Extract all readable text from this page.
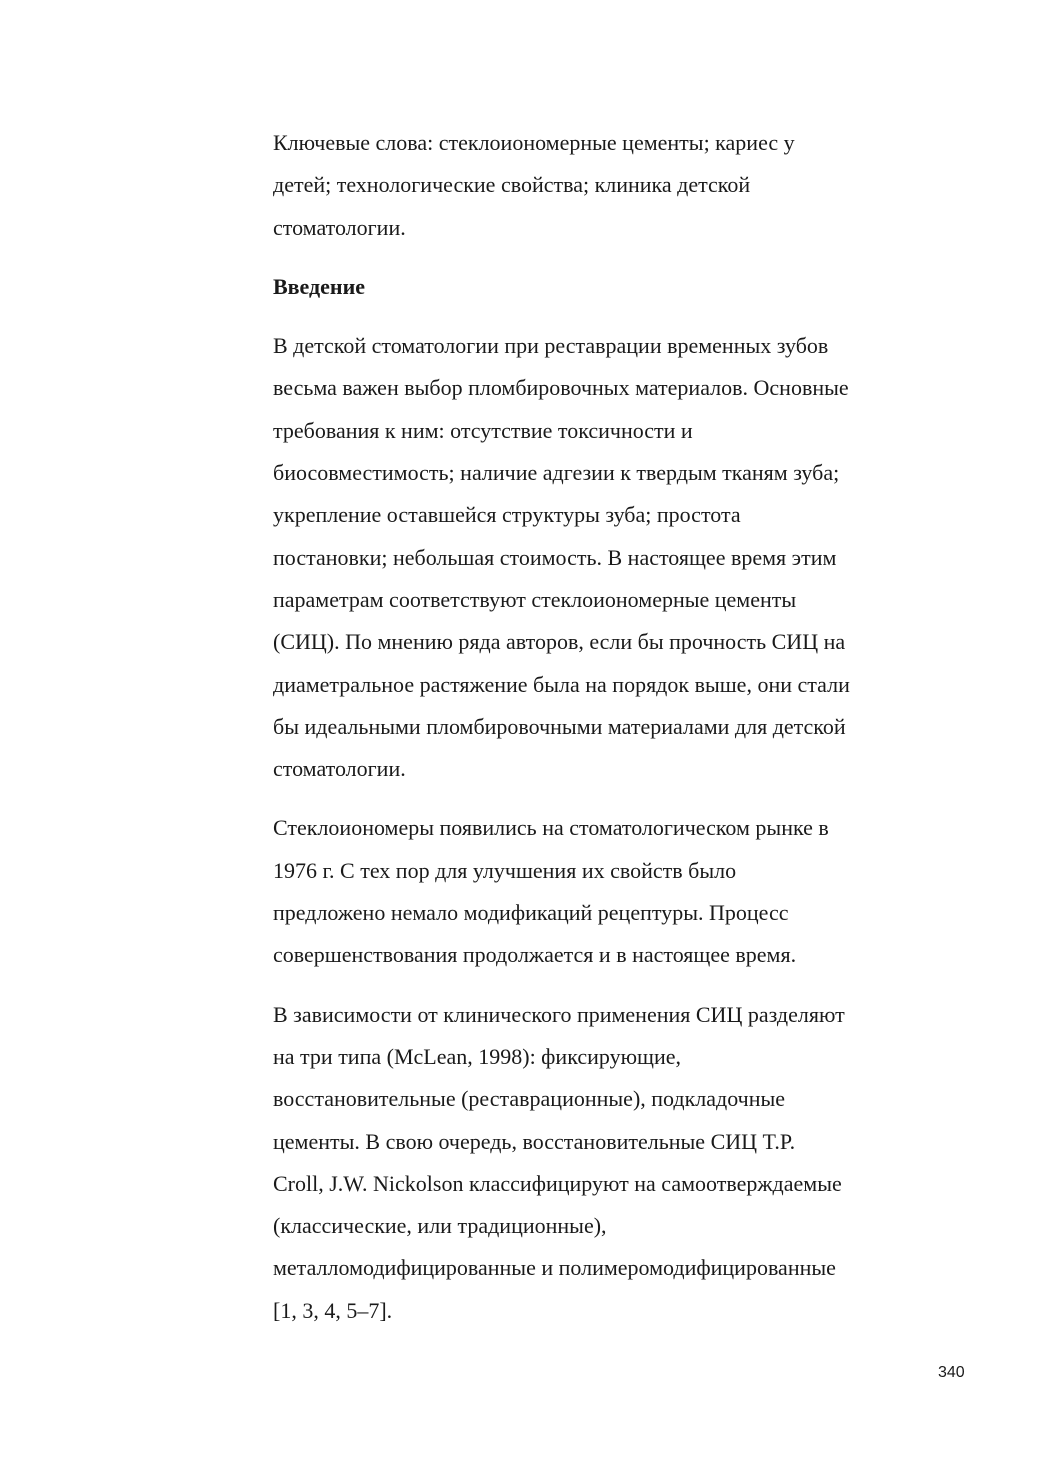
Ключевые слова: стеклоиономерные цементы; кариес у
детей; технологические свойства; клиника детской
стоматологии.

Введение

В детской стоматологии при реставрации временных зубов
весьма важен выбор пломбировочных материалов. Основные
требования к ним: отсутствие токсичности и
биосовместимость; наличие адгезии к твердым тканям зуба;
укрепление оставшейся структуры зуба; простота
постановки; небольшая стоимость. В настоящее время этим
параметрам соответствуют стеклоиономерные цементы
(СИЦ). По мнению ряда авторов, если бы прочность СИЦ на
диаметральное растяжение была на порядок выше, они стали
бы идеальными пломбировочными материалами для детской
стоматологии.

Стеклоиономеры появились на стоматологическом рынке в
1976 г. С тех пор для улучшения их свойств было
предложено немало модификаций рецептуры. Процесс
совершенствования продолжается и в настоящее время.

В зависимости от клинического применения СИЦ разделяют
на три типа (McLean, 1998): фиксирующие,
восстановительные (реставрационные), подкладочные
цементы. В свою очередь, восстановительные СИЦ T.P.
Croll, J.W. Nickolson классифицируют на самоотверждаемые
(классические, или традиционные),
металломодифицированные и полимеромодифицированные
[1, 3, 4, 5–7].

340
